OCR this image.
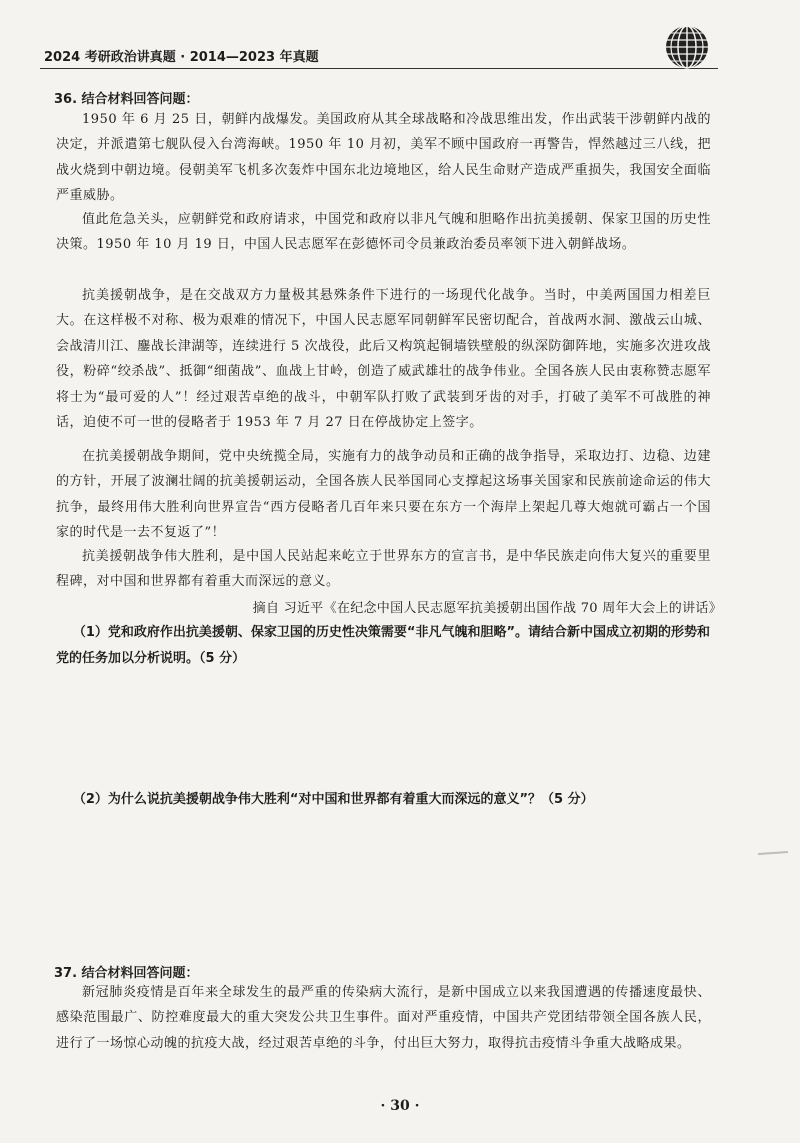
2024 考研政治讲真题 · 2014—2023 年真题
36. 结合材料回答问题：

1950 年 6 月 25 日，朝鲜内战爆发。美国政府从其全球战略和冷战思维出发，作出武装干涉朝鲜内战的决定，并派遣第七舰队侵入台湾海峡。1950 年 10 月初，美军不顾中国政府一再警告，悍然越过三八线，把战火烧到中朝边境。侵朝美军飞机多次轰炸中国东北边境地区，给人民生命财产造成严重损失，我国安全面临严重威胁。

值此危急关头，应朝鲜党和政府请求，中国党和政府以非凡气魄和胆略作出抗美援朝、保家卫国的历史性决策。1950 年 10 月 19 日，中国人民志愿军在彭德怀司令员兼政治委员率领下进入朝鲜战场。

抗美援朝战争，是在交战双方力量极其悬殊条件下进行的一场现代化战争。当时，中美两国国力相差巨大。在这样极不对称、极为艰难的情况下，中国人民志愿军同朝鲜军民密切配合，首战两水洞、激战云山城、会战清川江、鏖战长津湖等，连续进行 5 次战役，此后又构筑起铜墙铁壁般的纵深防御阵地，实施多次进攻战役，粉碎“绞杀战”、抵御“细菌战”、血战上甘岭，创造了威武雄壮的战争伟业。全国各族人民由衷称赞志愿军将士为“最可爱的人”！经过艰苦卓绝的战斗，中朝军队打败了武装到牙齿的对手，打破了美军不可战胜的神话，迫使不可一世的侵略者于 1953 年 7 月 27 日在停战协定上签字。

在抗美援朝战争期间，党中央统揽全局，实施有力的战争动员和正确的战争指导，采取边打、边稳、边建的方针，开展了波澜壮阔的抗美援朝运动，全国各族人民举国同心支撑起这场事关国家和民族前途命运的伟大抗争，最终用伟大胜利向世界宣告“西方侵略者几百年来只要在东方一个海岸上架起几尊大炮就可霸占一个国家的时代是一去不复返了”！

抗美援朝战争伟大胜利，是中国人民站起来屹立于世界东方的宣言书，是中华民族走向伟大复兴的重要里程碑，对中国和世界都有着重大而深远的意义。

摘自 习近平《在纪念中国人民志愿军抗美援朝出国作战 70 周年大会上的讲话》

（1）党和政府作出抗美援朝、保家卫国的历史性决策需要“非凡气魄和胆略”。请结合新中国成立初期的形势和党的任务加以分析说明。（5 分）

（2）为什么说抗美援朝战争伟大胜利“对中国和世界都有着重大而深远的意义”？（5 分）

37. 结合材料回答问题：

新冠肺炎疫情是百年来全球发生的最严重的传染病大流行，是新中国成立以来我国遭遇的传播速度最快、感染范围最广、防控难度最大的重大突发公共卫生事件。面对严重疫情，中国共产党团结带领全国各族人民，进行了一场惊心动魄的抗疫大战，经过艰苦卓绝的斗争，付出巨大努力，取得抗击疫情斗争重大战略成果。

· 30 ·
